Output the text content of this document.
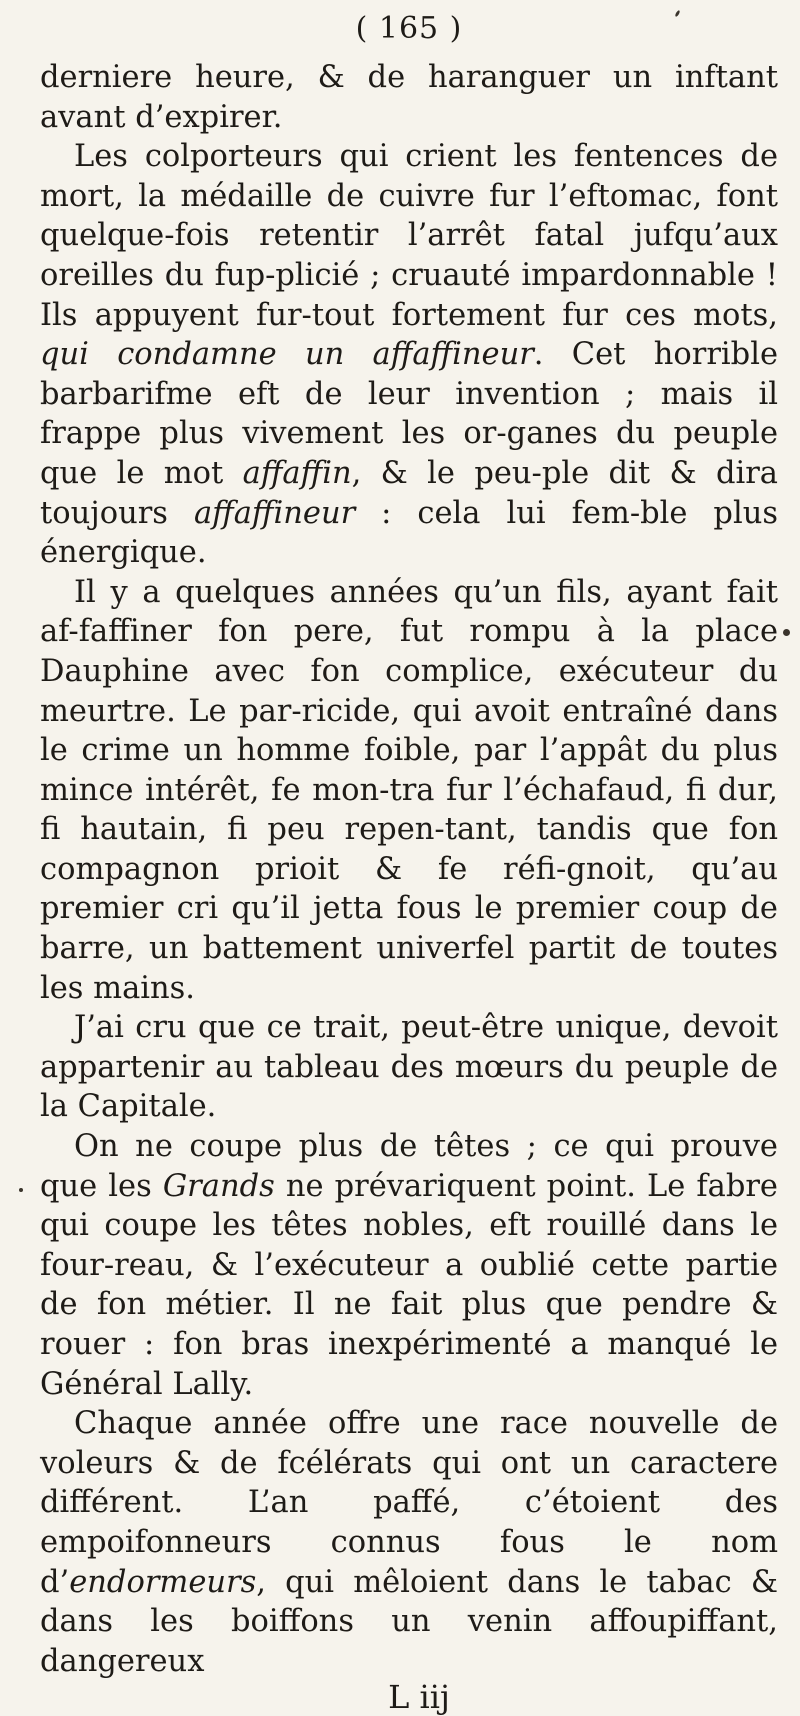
( 165 )

derniere heure, & de haranguer un inftant avant d’expirer.

Les colporteurs qui crient les fentences de mort, la médaille de cuivre fur l’eftomac, font quelque-fois retentir l’arrêt fatal jufqu’aux oreilles du fup-plicié ; cruauté impardonnable ! Ils appuyent fur-tout fortement fur ces mots, qui condamne un affaffineur. Cet horrible barbarifme eft de leur invention ; mais il frappe plus vivement les or-ganes du peuple que le mot affaffin, & le peu-ple dit & dira toujours affaffineur : cela lui fem-ble plus énergique.

Il y a quelques années qu’un fils, ayant fait af-faffiner fon pere, fut rompu à la place Dauphine avec fon complice, exécuteur du meurtre. Le par-ricide, qui avoit entraîné dans le crime un homme foible, par l’appât du plus mince intérêt, fe mon-tra fur l’échafaud, fi dur, fi hautain, fi peu repen-tant, tandis que fon compagnon prioit & fe réfi-gnoit, qu’au premier cri qu’il jetta fous le premier coup de barre, un battement univerfel partit de toutes les mains.

J’ai cru que ce trait, peut-être unique, devoit appartenir au tableau des mœurs du peuple de la Capitale.

On ne coupe plus de têtes ; ce qui prouve que les Grands ne prévariquent point. Le fabre qui coupe les têtes nobles, eft rouillé dans le four-reau, & l’exécuteur a oublié cette partie de fon métier. Il ne fait plus que pendre & rouer : fon bras inexpérimenté a manqué le Général Lally.

Chaque année offre une race nouvelle de voleurs & de fcélérats qui ont un caractere différent. L’an paffé, c’étoient des empoifonneurs connus fous le nom d’endormeurs, qui mêloient dans le tabac & dans les boiffons un venin affoupiffant, dangereux

L iij
